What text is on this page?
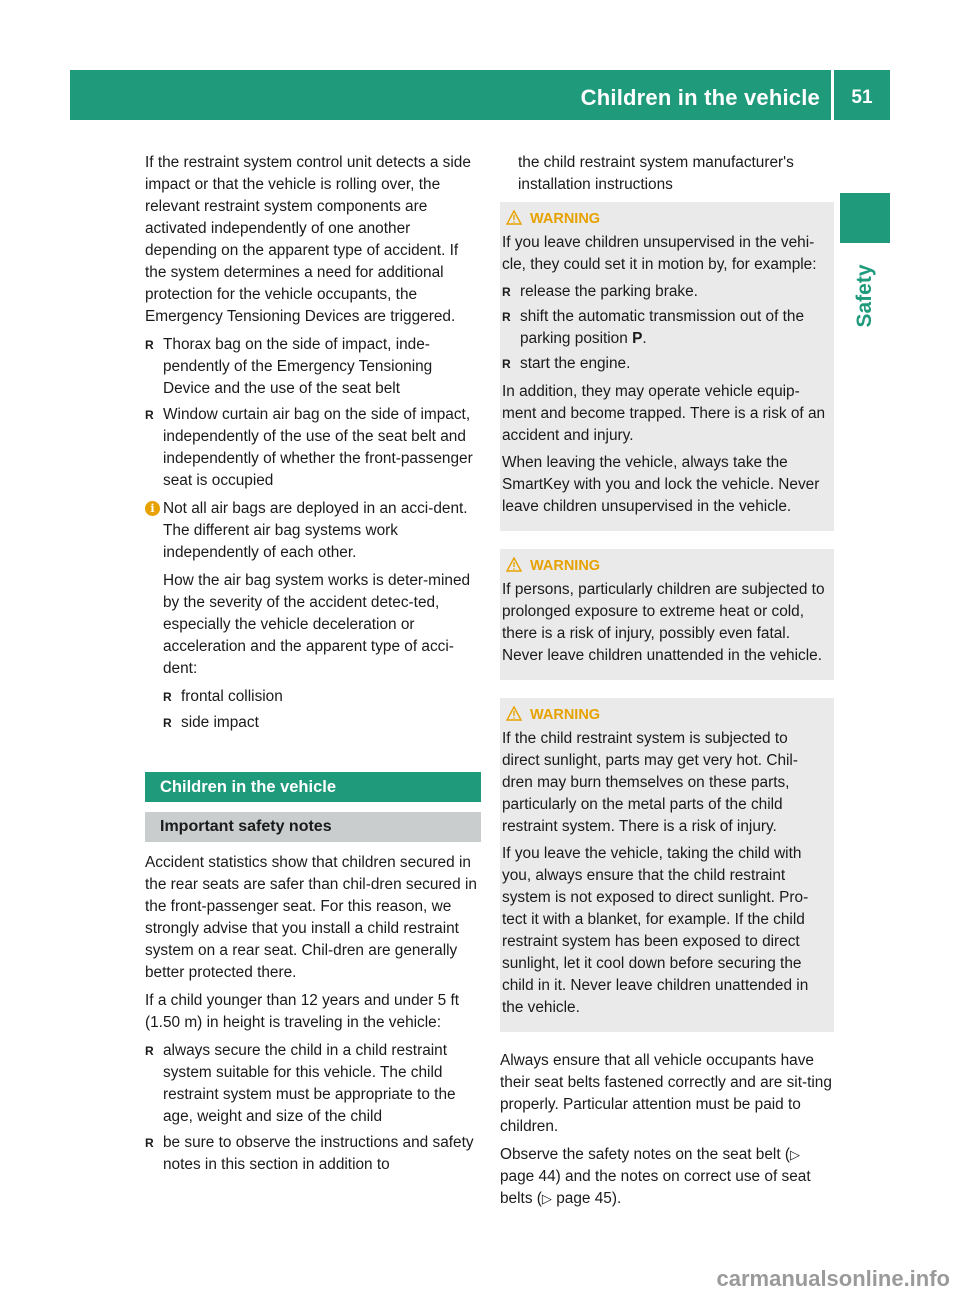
Children in the vehicle	51
Safety

If the restraint system control unit detects a side impact or that the vehicle is rolling over, the relevant restraint system components are activated independently of one another depending on the apparent type of accident. If the system determines a need for additional protection for the vehicle occupants, the Emergency Tensioning Devices are triggered.

R Thorax bag on the side of impact, inde-pendently of the Emergency Tensioning Device and the use of the seat belt
R Window curtain air bag on the side of impact, independently of the use of the seat belt and independently of whether the front-passenger seat is occupied
i Not all air bags are deployed in an acci-dent. The different air bag systems work independently of each other.

How the air bag system works is deter-mined by the severity of the accident detec-ted, especially the vehicle deceleration or acceleration and the apparent type of acci-dent:

R frontal collision
R side impact
Children in the vehicle
Important safety notes

Accident statistics show that children secured in the rear seats are safer than chil-dren secured in the front-passenger seat. For this reason, we strongly advise that you install a child restraint system on a rear seat. Chil-dren are generally better protected there.

If a child younger than 12 years and under 5 ft (1.50 m) in height is traveling in the vehicle:

R always secure the child in a child restraint system suitable for this vehicle. The child restraint system must be appropriate to the age, weight and size of the child
R be sure to observe the instructions and safety notes in this section in addition to

the child restraint system manufacturer's installation instructions

WARNING

If you leave children unsupervised in the vehi-cle, they could set it in motion by, for example:

R release the parking brake.
R shift the automatic transmission out of the parking position P.
R start the engine.

In addition, they may operate vehicle equip-ment and become trapped. There is a risk of an accident and injury.

When leaving the vehicle, always take the SmartKey with you and lock the vehicle. Never leave children unsupervised in the vehicle.

WARNING

If persons, particularly children are subjected to prolonged exposure to extreme heat or cold, there is a risk of injury, possibly even fatal. Never leave children unattended in the vehicle.

WARNING

If the child restraint system is subjected to direct sunlight, parts may get very hot. Chil-dren may burn themselves on these parts, particularly on the metal parts of the child restraint system. There is a risk of injury.

If you leave the vehicle, taking the child with you, always ensure that the child restraint system is not exposed to direct sunlight. Pro-tect it with a blanket, for example. If the child restraint system has been exposed to direct sunlight, let it cool down before securing the child in it. Never leave children unattended in the vehicle.

Always ensure that all vehicle occupants have their seat belts fastened correctly and are sit-ting properly. Particular attention must be paid to children.

Observe the safety notes on the seat belt (▷ page 44) and the notes on correct use of seat belts (▷ page 45).

carmanualsonline.info
